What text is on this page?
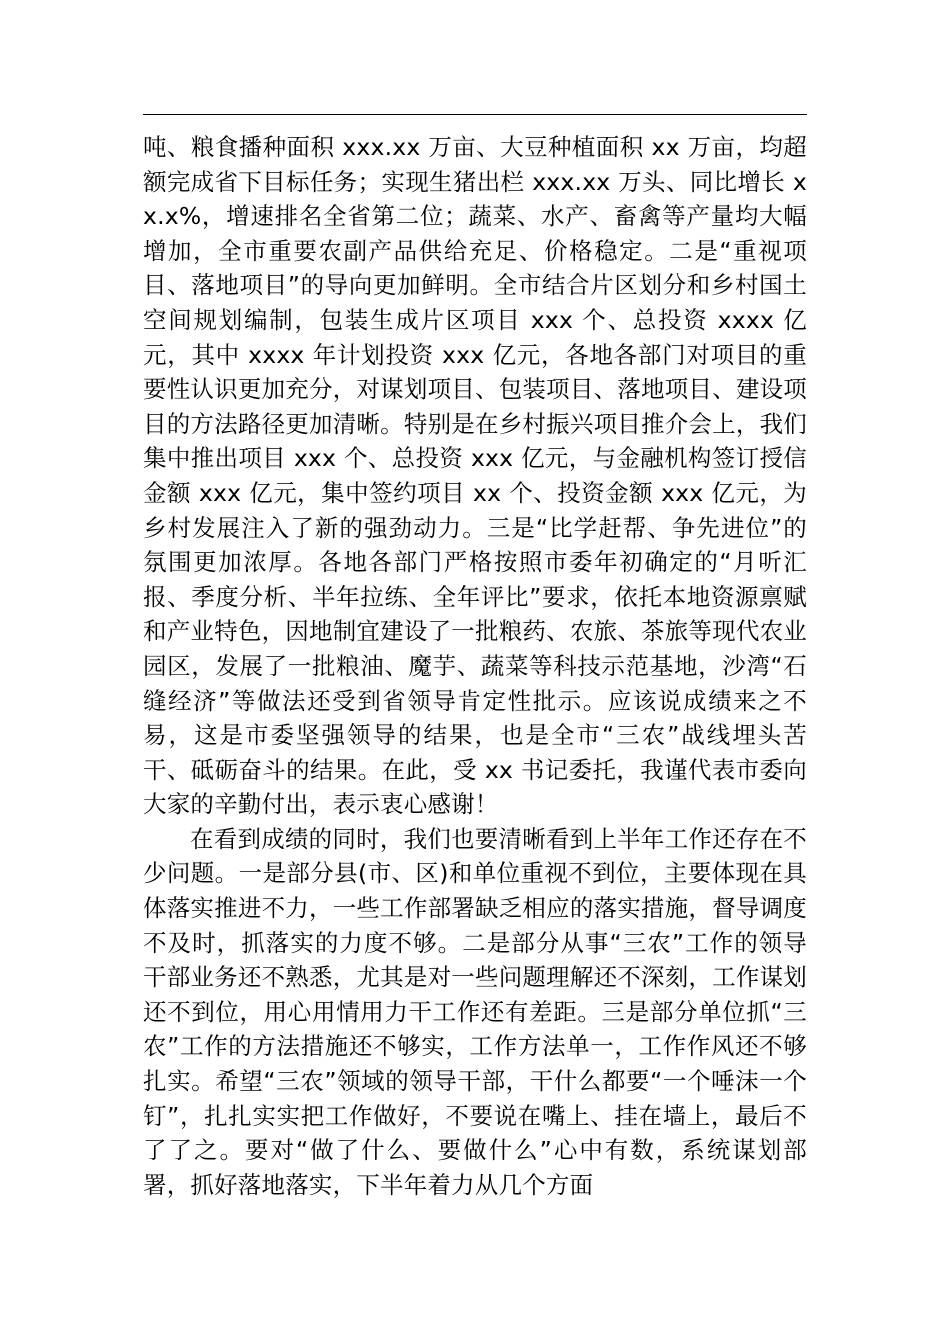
吨、粮食播种面积 xxx.xx 万亩、大豆种植面积 xx 万亩，均超额完成省下目标任务；实现生猪出栏 xxx.xx 万头、同比增长 xx.x%，增速排名全省第二位；蔬菜、水产、畜禽等产量均大幅增加，全市重要农副产品供给充足、价格稳定。二是“重视项目、落地项目”的导向更加鲜明。全市结合片区划分和乡村国土空间规划编制，包装生成片区项目 xxx 个、总投资 xxxx 亿元，其中 xxxx 年计划投资 xxx 亿元，各地各部门对项目的重要性认识更加充分，对谋划项目、包装项目、落地项目、建设项目的方法路径更加清晰。特别是在乡村振兴项目推介会上，我们集中推出项目 xxx 个、总投资 xxx 亿元，与金融机构签订授信金额 xxx 亿元，集中签约项目 xx 个、投资金额 xxx 亿元，为乡村发展注入了新的强劲动力。三是“比学赶帮、争先进位”的氛围更加浓厚。各地各部门严格按照市委年初确定的“月听汇报、季度分析、半年拉练、全年评比”要求，依托本地资源禀赋和产业特色，因地制宜建设了一批粮药、农旅、茶旅等现代农业园区，发展了一批粮油、魔芋、蔬菜等科技示范基地，沙湾“石缝经济”等做法还受到省领导肯定性批示。应该说成绩来之不易，这是市委坚强领导的结果，也是全市“三农”战线埋头苦干、砥砺奋斗的结果。在此，受 xx 书记委托，我谨代表市委向大家的辛勤付出，表示衷心感谢！

在看到成绩的同时，我们也要清晰看到上半年工作还存在不少问题。一是部分县(市、区)和单位重视不到位，主要体现在具体落实推进不力，一些工作部署缺乏相应的落实措施，督导调度不及时，抓落实的力度不够。二是部分从事“三农”工作的领导干部业务还不熟悉，尤其是对一些问题理解还不深刻，工作谋划还不到位，用心用情用力干工作还有差距。三是部分单位抓“三农”工作的方法措施还不够实，工作方法单一，工作作风还不够扎实。希望“三农”领域的领导干部，干什么都要“一个唾沫一个钉”，扎扎实实把工作做好，不要说在嘴上、挂在墙上，最后不了了之。要对“做了什么、要做什么”心中有数，系统谋划部署，抓好落地落实，下半年着力从几个方面
